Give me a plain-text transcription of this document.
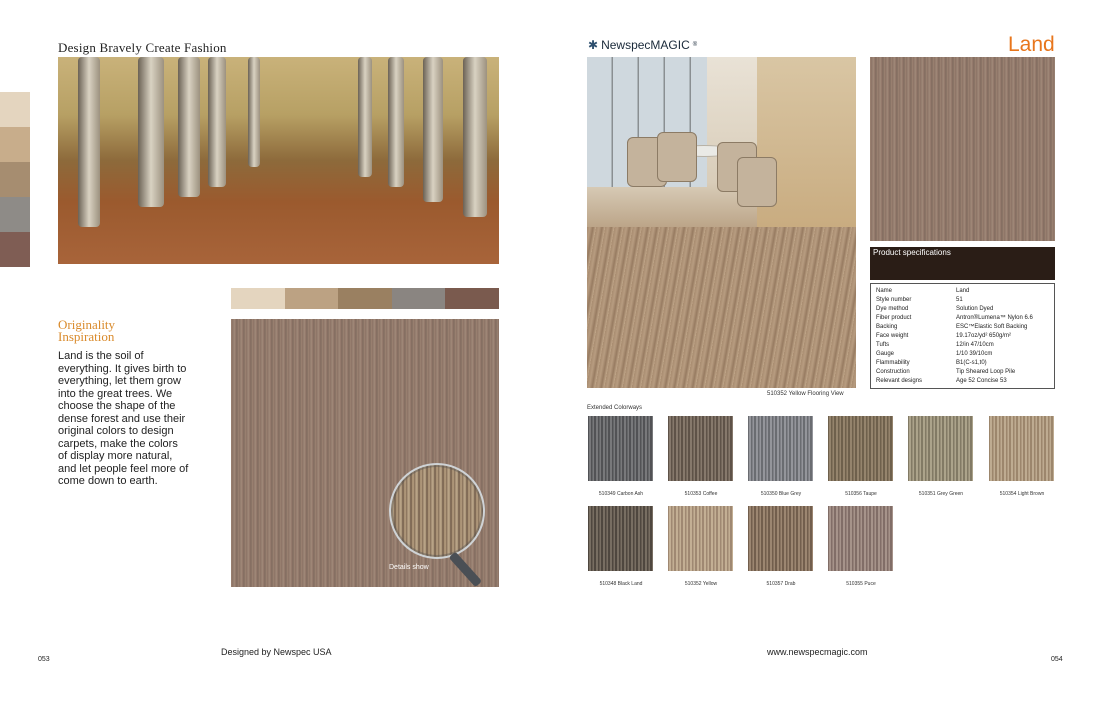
Design Bravely Create Fashion
Originality
Inspiration
Land is the soil of everything. It gives birth to everything, let them grow into the great trees. We choose the shape of the dense forest and use their original colors to design carpets, make the colors of display more natural, and let people feel more of come down to earth.
Details show
Designed by Newspec USA
053
✱ NewspecMAGIC ®	Land
510352 Yellow Flooring View
Product specifications
Name	Land
Style number	51
Dye method	Solution Dyed
Fiber product	Antron®Lumena™ Nylon 6.6
Backing	ESC™Elastic Soft Backing
Face weight	19.17oz/yd² 650g/m²
Tufts	12/in 47/10cm
Gauge	1/10 39/10cm
Flammability	B1(C-s1,t0)
Construction	Tip Sheared Loop Pile
Relevant designs	Age 52 Concise 53
Extended Colorways
510349 Carbon Ash	510353 Coffee	510350 Blue Grey	510356 Taupe	510351 Grey Green	510354 Light Brown
510348 Black Land	510352 Yellow	510357 Drab	510355 Puce
www.newspecmagic.com
054
